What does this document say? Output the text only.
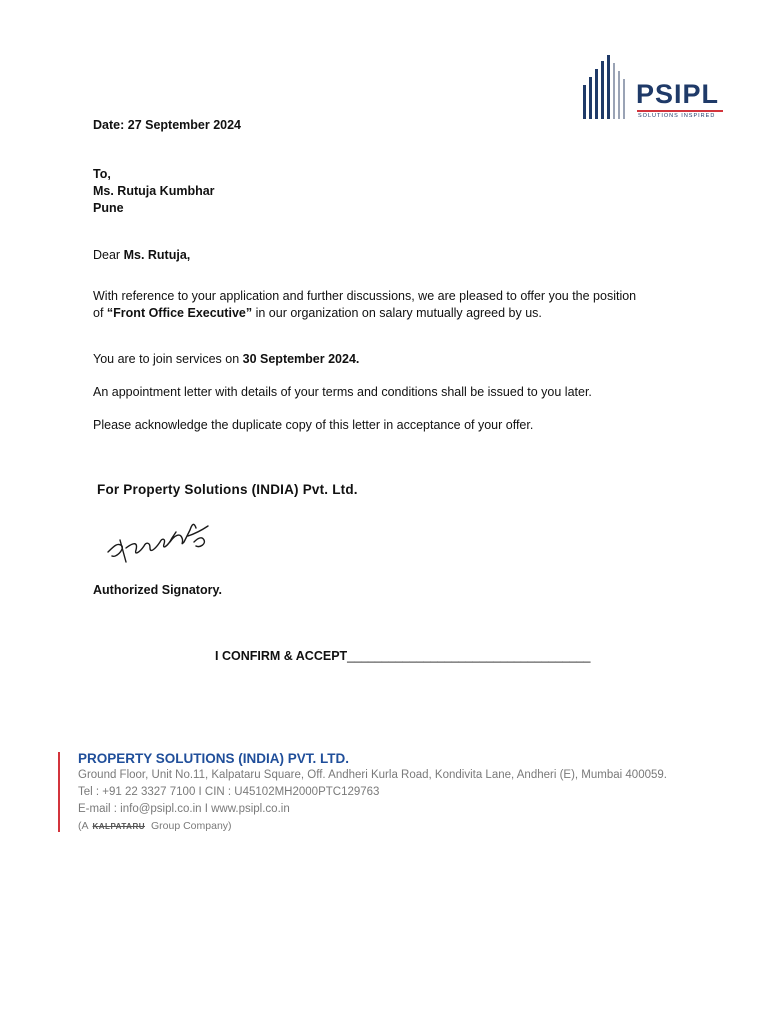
PSIPL
SOLUTIONS INSPIRED
Date: 27 September 2024
To,
Ms. Rutuja Kumbhar
Pune
Dear Ms. Rutuja,
With reference to your application and further discussions, we are pleased to offer you the position
of “Front Office Executive” in our organization on salary mutually agreed by us.
You are to join services on 30 September 2024.
An appointment letter with details of your terms and conditions shall be issued to you later.
Please acknowledge the duplicate copy of this letter in acceptance of your offer.
For Property Solutions (INDIA) Pvt. Ltd.
Authorized Signatory.
I CONFIRM & ACCEPT___________________________________
PROPERTY SOLUTIONS (INDIA) PVT. LTD.
Ground Floor, Unit No.11, Kalpataru Square, Off. Andheri Kurla Road, Kondivita Lane, Andheri (E), Mumbai 400059.
Tel : +91 22 3327 7100 I CIN : U45102MH2000PTC129763
E-mail : info@psipl.co.in I www.psipl.co.in
(A KALPATARU Group Company)
